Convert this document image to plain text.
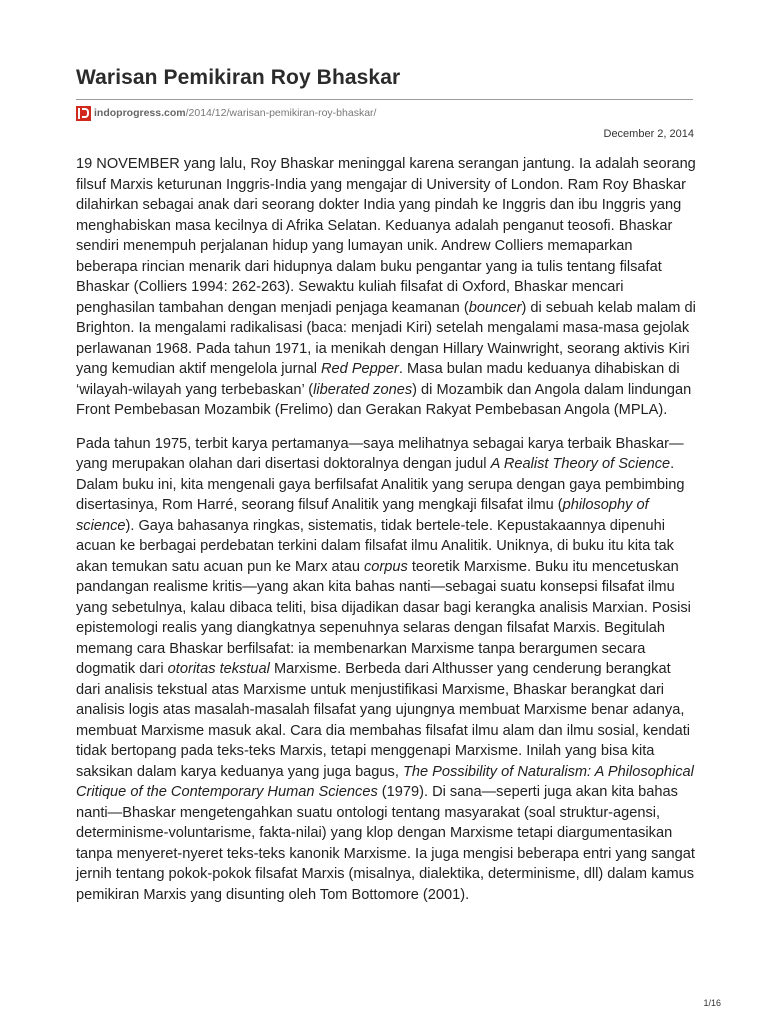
Warisan Pemikiran Roy Bhaskar
indoprogress.com /2014/12/warisan-pemikiran-roy-bhaskar/
December 2, 2014

19 NOVEMBER yang lalu, Roy Bhaskar meninggal karena serangan jantung. Ia adalah seorang filsuf Marxis keturunan Inggris-India yang mengajar di University of London. Ram Roy Bhaskar dilahirkan sebagai anak dari seorang dokter India yang pindah ke Inggris dan ibu Inggris yang menghabiskan masa kecilnya di Afrika Selatan. Keduanya adalah penganut teosofi. Bhaskar sendiri menempuh perjalanan hidup yang lumayan unik. Andrew Colliers memaparkan beberapa rincian menarik dari hidupnya dalam buku pengantar yang ia tulis tentang filsafat Bhaskar (Colliers 1994: 262-263). Sewaktu kuliah filsafat di Oxford, Bhaskar mencari penghasilan tambahan dengan menjadi penjaga keamanan (bouncer) di sebuah kelab malam di Brighton. Ia mengalami radikalisasi (baca: menjadi Kiri) setelah mengalami masa-masa gejolak perlawanan 1968. Pada tahun 1971, ia menikah dengan Hillary Wainwright, seorang aktivis Kiri yang kemudian aktif mengelola jurnal Red Pepper. Masa bulan madu keduanya dihabiskan di ‘wilayah-wilayah yang terbebaskan’ (liberated zones) di Mozambik dan Angola dalam lindungan Front Pembebasan Mozambik (Frelimo) dan Gerakan Rakyat Pembebasan Angola (MPLA).

Pada tahun 1975, terbit karya pertamanya—saya melihatnya sebagai karya terbaik Bhaskar—yang merupakan olahan dari disertasi doktoralnya dengan judul A Realist Theory of Science. Dalam buku ini, kita mengenali gaya berfilsafat Analitik yang serupa dengan gaya pembimbing disertasinya, Rom Harré, seorang filsuf Analitik yang mengkaji filsafat ilmu (philosophy of science). Gaya bahasanya ringkas, sistematis, tidak bertele-tele. Kepustakaannya dipenuhi acuan ke berbagai perdebatan terkini dalam filsafat ilmu Analitik. Uniknya, di buku itu kita tak akan temukan satu acuan pun ke Marx atau corpus teoretik Marxisme. Buku itu mencetuskan pandangan realisme kritis—yang akan kita bahas nanti—sebagai suatu konsepsi filsafat ilmu yang sebetulnya, kalau dibaca teliti, bisa dijadikan dasar bagi kerangka analisis Marxian. Posisi epistemologi realis yang diangkatnya sepenuhnya selaras dengan filsafat Marxis. Begitulah memang cara Bhaskar berfilsafat: ia membenarkan Marxisme tanpa berargumen secara dogmatik dari otoritas tekstual Marxisme. Berbeda dari Althusser yang cenderung berangkat dari analisis tekstual atas Marxisme untuk menjustifikasi Marxisme, Bhaskar berangkat dari analisis logis atas masalah-masalah filsafat yang ujungnya membuat Marxisme benar adanya, membuat Marxisme masuk akal. Cara dia membahas filsafat ilmu alam dan ilmu sosial, kendati tidak bertopang pada teks-teks Marxis, tetapi menggenapi Marxisme. Inilah yang bisa kita saksikan dalam karya keduanya yang juga bagus, The Possibility of Naturalism: A Philosophical Critique of the Contemporary Human Sciences (1979). Di sana—seperti juga akan kita bahas nanti—Bhaskar mengetengahkan suatu ontologi tentang masyarakat (soal struktur-agensi, determinisme-voluntarisme, fakta-nilai) yang klop dengan Marxisme tetapi diargumentasikan tanpa menyeret-nyeret teks-teks kanonik Marxisme. Ia juga mengisi beberapa entri yang sangat jernih tentang pokok-pokok filsafat Marxis (misalnya, dialektika, determinisme, dll) dalam kamus pemikiran Marxis yang disunting oleh Tom Bottomore (2001).

1/16
